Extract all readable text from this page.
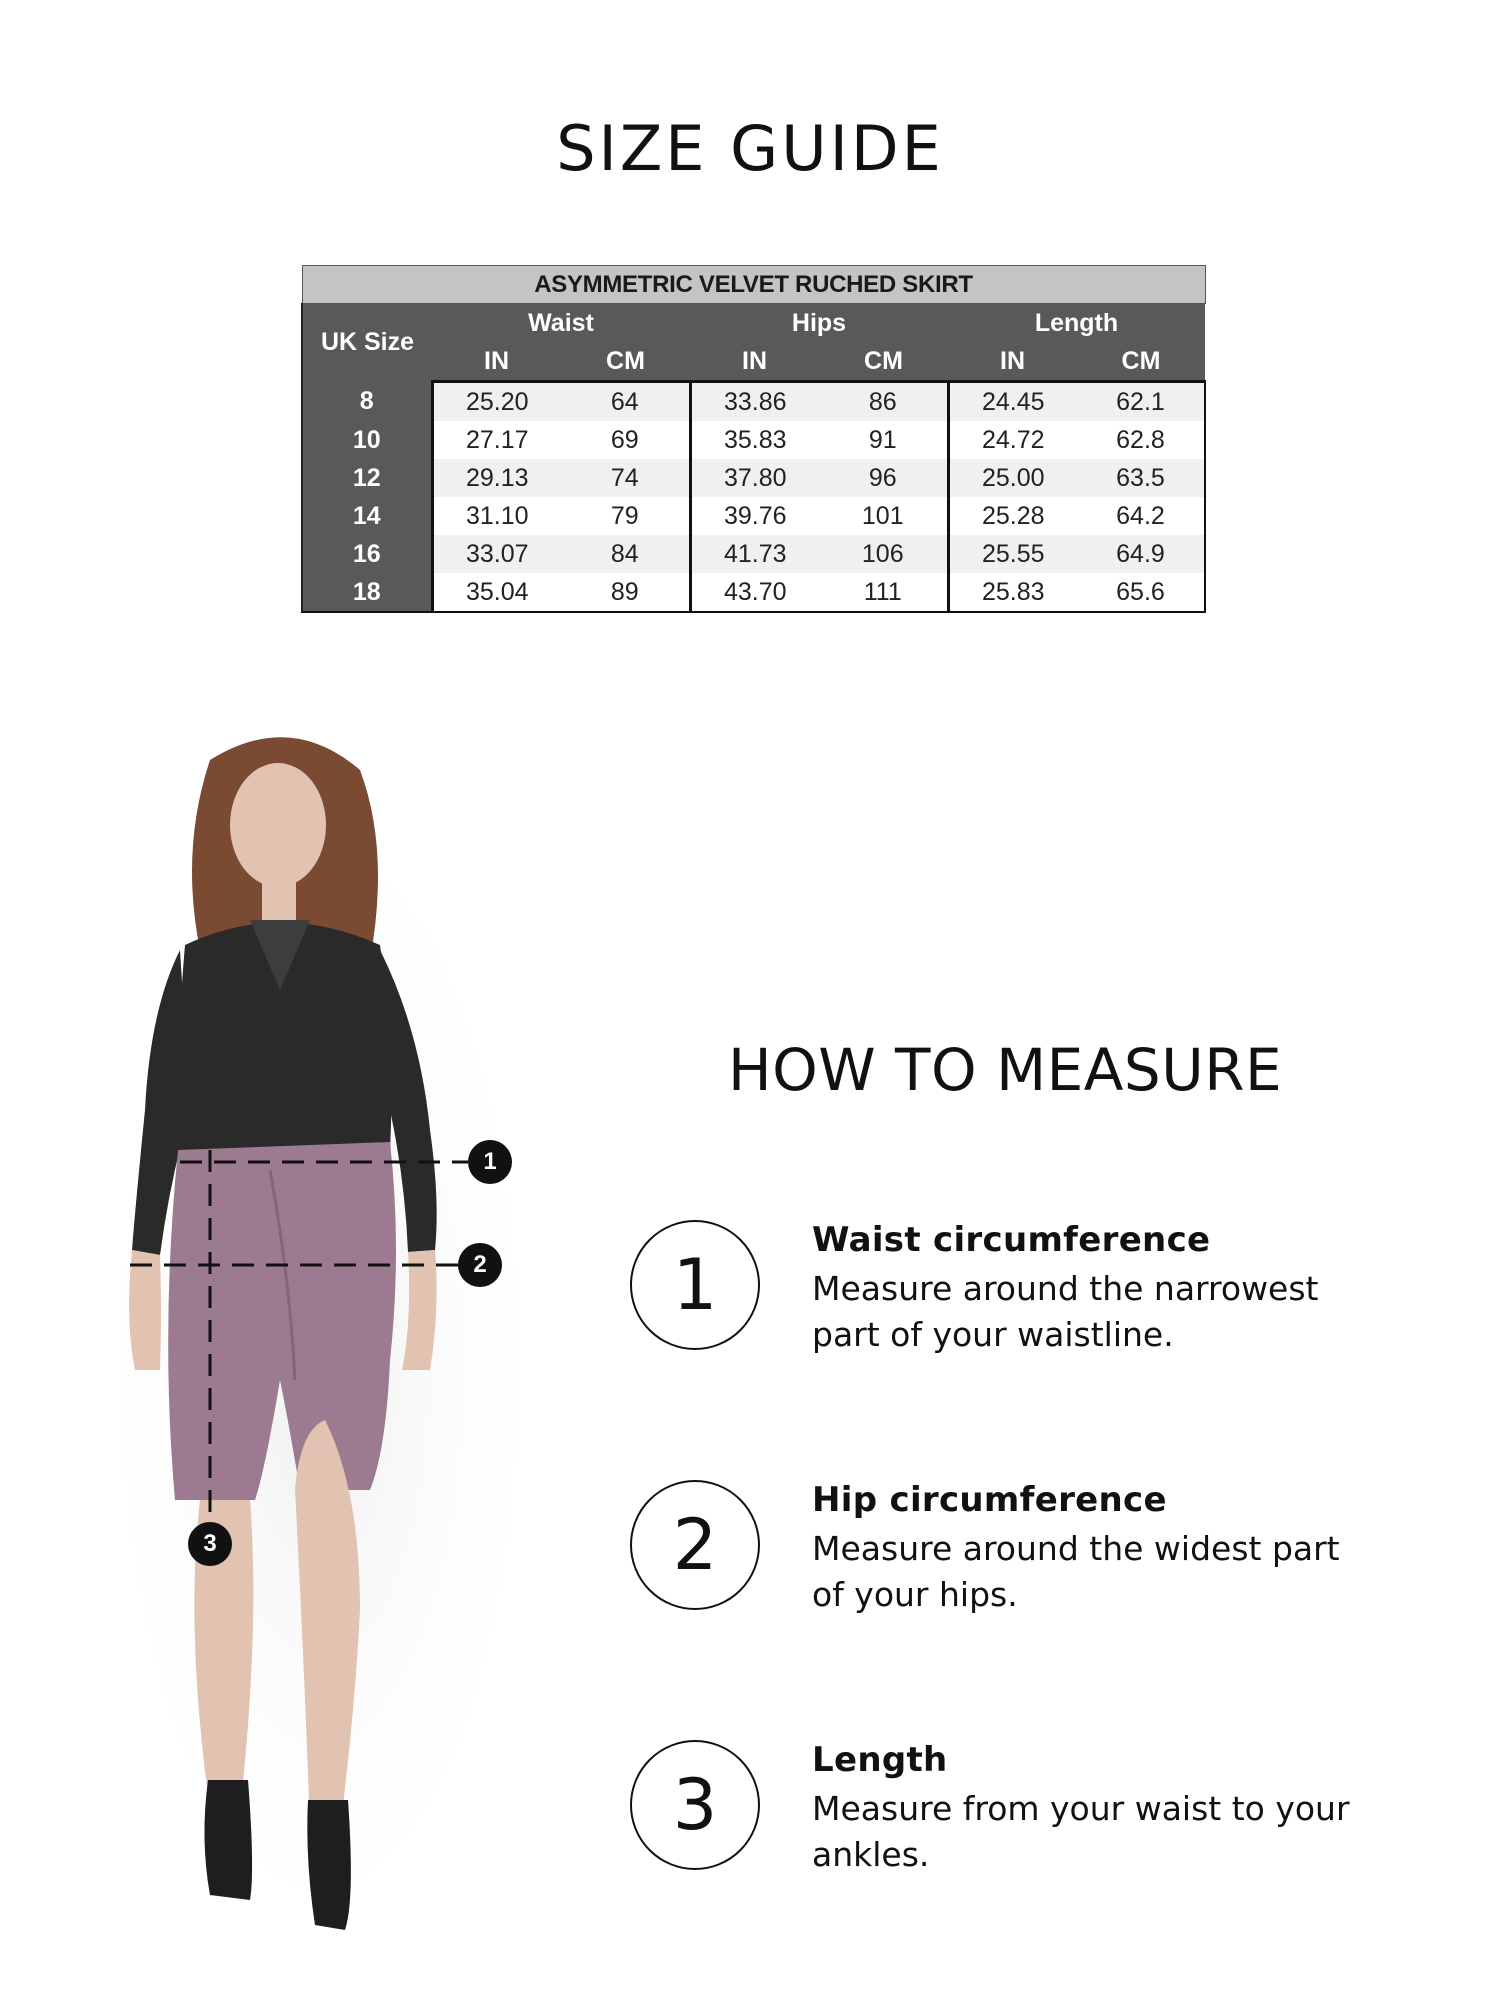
SIZE GUIDE
ASYMMETRIC VELVET RUCHED SKIRT						
UK Size	Waist		Hips		Length	
	IN	CM	IN	CM	IN	CM
8	25.20	64	33.86	86	24.45	62.1
10	27.17	69	35.83	91	24.72	62.8
12	29.13	74	37.80	96	25.00	63.5
14	31.10	79	39.76	101	25.28	64.2
16	33.07	84	41.73	106	25.55	64.9
18	35.04	89	43.70	111	25.83	65.6
1
2
3
HOW TO MEASURE
1
Waist circumference
Measure around the narrowest
part of your waistline.
2
Hip circumference
Measure around the widest part
of your hips.
3
Length
Measure from your waist to your
ankles.
